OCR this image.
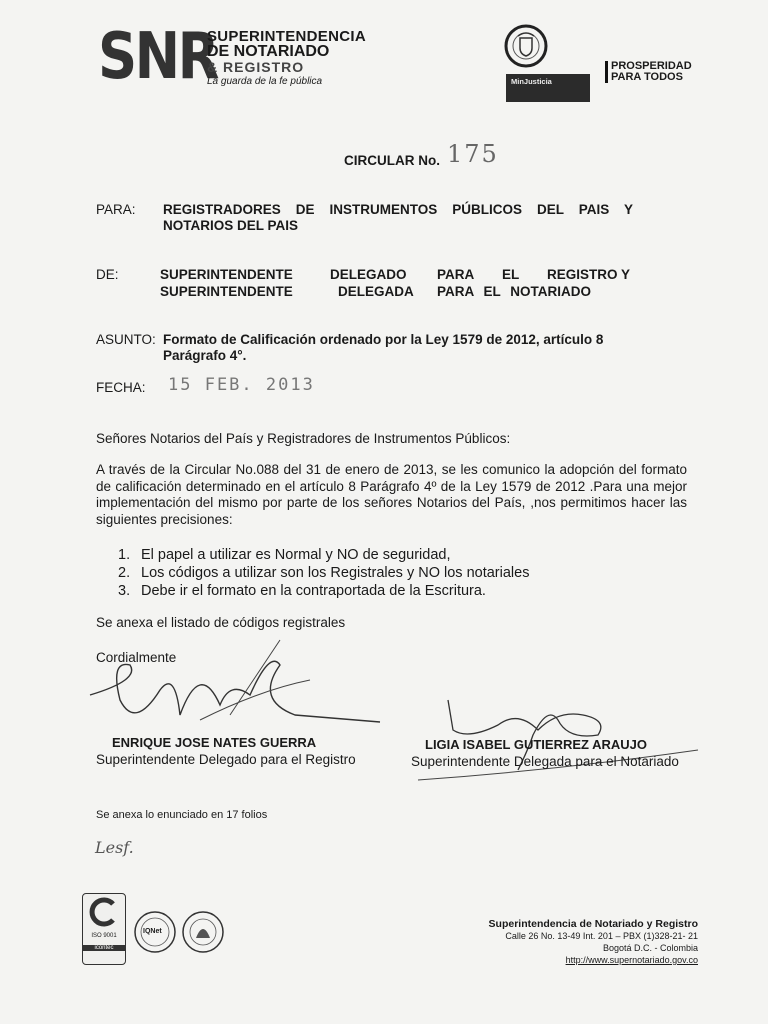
SNR
SUPERINTENDENCIA
DE NOTARIADO
& REGISTRO
La guarda de la fe pública	MinJusticia
PROSPERIDAD
PARA TODOS
CIRCULAR No. 175
PARA: REGISTRADORES DE INSTRUMENTOS PÚBLICOS DEL PAIS Y
NOTARIOS DEL PAIS
DE:	SUPERINTENDENTE	DELEGADO PARA EL REGISTRO Y
SUPERINTENDENTE	DELEGADA PARA EL NOTARIADO
ASUNTO: Formato de Calificación ordenado por la Ley 1579 de 2012, artículo 8
Parágrafo 4°.
FECHA: 15 FEB. 2013
Señores Notarios del País y Registradores de Instrumentos Públicos:
A través de la Circular No.088 del 31 de enero de 2013, se les comunico la adopción del formato de calificación determinado en el artículo 8 Parágrafo 4º de la Ley 1579 de 2012 .Para una mejor implementación del mismo por parte de los señores Notarios del País, ,nos permitimos hacer las siguientes precisiones:
1. El papel a utilizar es Normal y NO de seguridad,
2. Los códigos a utilizar son los Registrales y NO los notariales
3. Debe ir el formato en la contraportada de la Escritura.
Se anexa el listado de códigos registrales
Cordialmente
ENRIQUE JOSE NATES GUERRA
Superintendente Delegado para el Registro
LIGIA ISABEL GUTIERREZ ARAUJO
Superintendente Delegada para el Notariado
Se anexa lo enunciado en 17 folios
Lesf.
ISO 9001
icontec
IQNet
Superintendencia de Notariado y Registro
Calle 26 No. 13-49 Int. 201 – PBX (1)328-21- 21
Bogotá D.C. - Colombia
http://www.supernotariado.gov.co
